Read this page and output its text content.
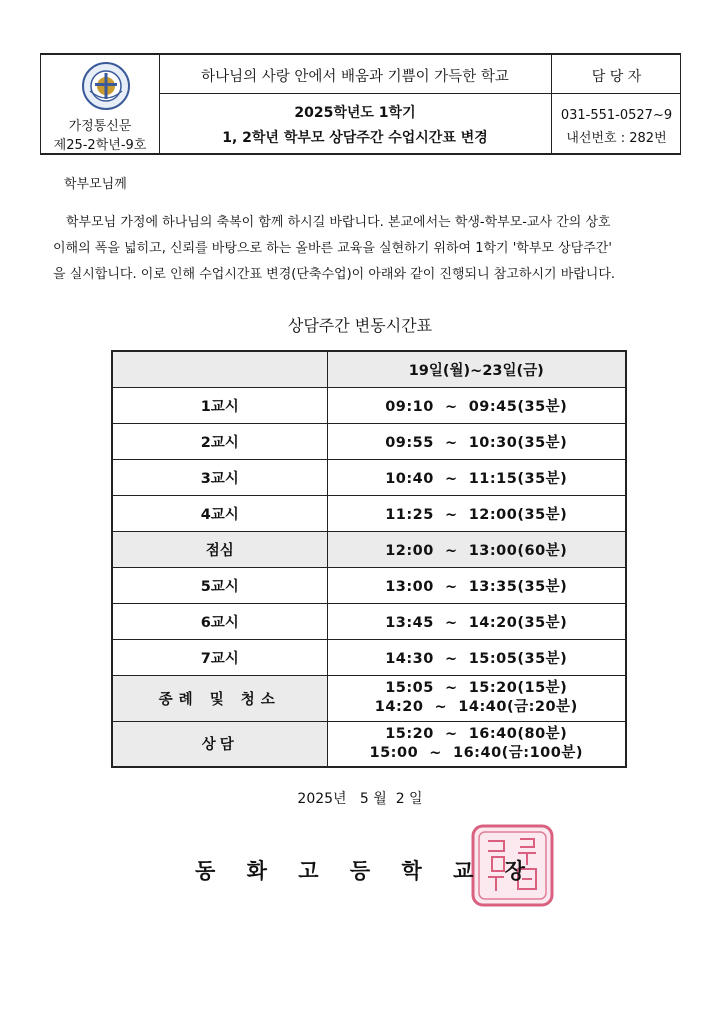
가정통신문
제25-2학년-9호
하나님의 사랑 안에서 배움과 기쁨이 가득한 학교
2025학년도 1학기
1, 2학년 학부모 상담주간 수업시간표 변경
담 당 자
031-551-0527~9
내선번호 : 282번
학부모님께
학부모님 가정에 하나님의 축복이 함께 하시길 바랍니다. 본교에서는 학생-학부모-교사 간의 상호
이해의 폭을 넓히고, 신뢰를 바탕으로 하는 올바른 교육을 실현하기 위하여 1학기 '학부모 상담주간'
을 실시합니다. 이로 인해 수업시간표 변경(단축수업)이 아래와 같이 진행되니 참고하시기 바랍니다.
상담주간 변동시간표
	19일(월)~23일(금)
1교시	09:10  ~  09:45(35분)
2교시	09:55  ~  10:30(35분)
3교시	10:40  ~  11:15(35분)
4교시	11:25  ~  12:00(35분)
점심	12:00  ~  13:00(60분)
5교시	13:00  ~  13:35(35분)
6교시	13:45  ~  14:20(35분)
7교시	14:30  ~  15:05(35분)
종례 및 청소	15:05  ~  15:20(15분)
14:20  ~  14:40(금:20분)

상담	15:20  ~  16:40(80분)
15:00  ~  16:40(금:100분)
2025년   5 월  2 일
동 화 고 등 학 교 장
